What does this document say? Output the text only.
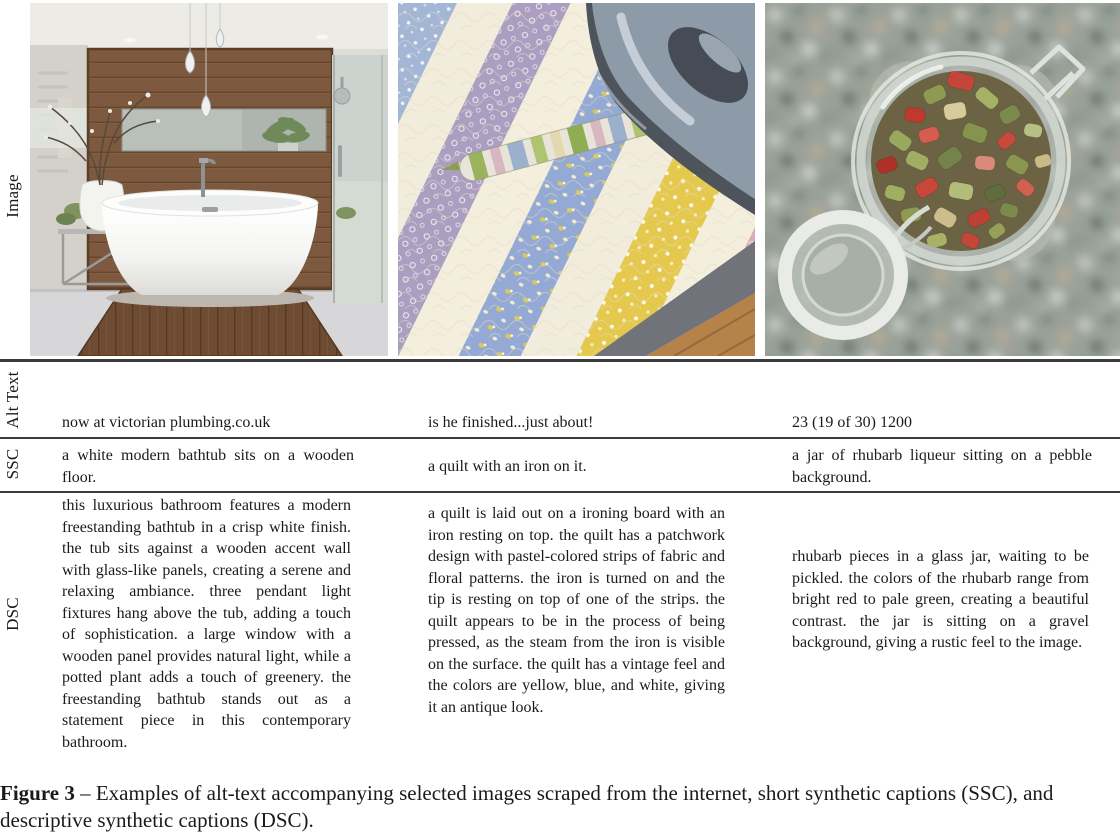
Image
Alt Text
SSC
DSC
now at victorian plumbing.co.uk	is he finished...just about!	23 (19 of 30) 1200
a white modern bathtub sits on a wooden floor.
a quilt with an iron on it.
a jar of rhubarb liqueur sitting on a pebble background.
this luxurious bathroom features a modern freestanding bathtub in a crisp white finish. the tub sits against a wooden accent wall with glass-like panels, creating a serene and relaxing ambiance. three pendant light fixtures hang above the tub, adding a touch of sophistication. a large window with a wooden panel provides natural light, while a potted plant adds a touch of greenery. the freestanding bathtub stands out as a statement piece in this contemporary bathroom.
a quilt is laid out on a ironing board with an iron resting on top. the quilt has a patchwork design with pastel-colored strips of fabric and floral patterns. the iron is turned on and the tip is resting on top of one of the strips. the quilt appears to be in the process of being pressed, as the steam from the iron is visible on the surface. the quilt has a vintage feel and the colors are yellow, blue, and white, giving it an antique look.
rhubarb pieces in a glass jar, waiting to be pickled. the colors of the rhubarb range from bright red to pale green, creating a beautiful contrast. the jar is sitting on a gravel background, giving a rustic feel to the image.
Figure 3 – Examples of alt-text accompanying selected images scraped from the internet, short synthetic captions (SSC), and descriptive synthetic captions (DSC).
